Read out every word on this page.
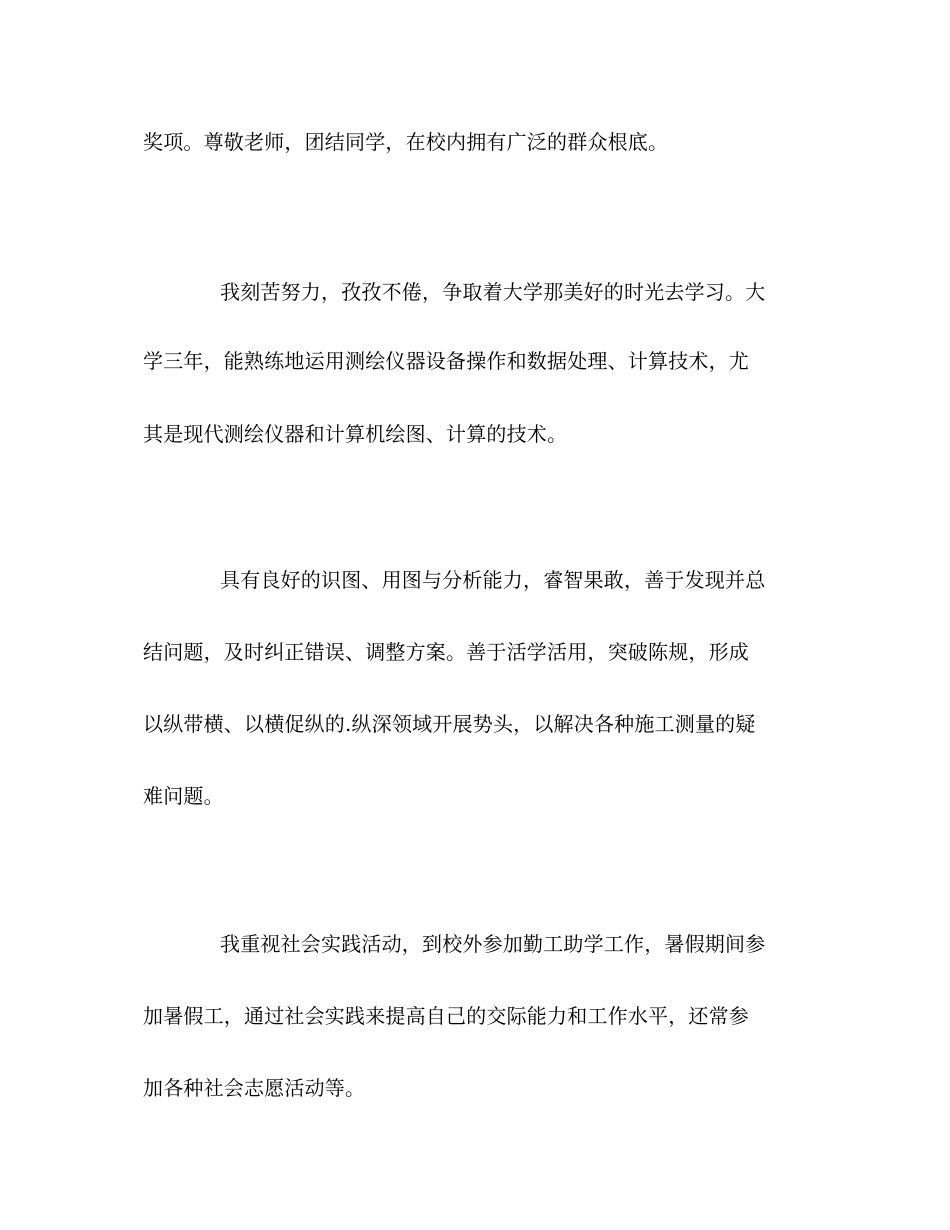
奖项。尊敬老师，团结同学，在校内拥有广泛的群众根底。
我刻苦努力，孜孜不倦，争取着大学那美好的时光去学习。大
学三年，能熟练地运用测绘仪器设备操作和数据处理、计算技术，尤
其是现代测绘仪器和计算机绘图、计算的技术。
具有良好的识图、用图与分析能力，睿智果敢，善于发现并总
结问题，及时纠正错误、调整方案。善于活学活用，突破陈规，形成
以纵带横、以横促纵的.纵深领域开展势头，以解决各种施工测量的疑
难问题。
我重视社会实践活动，到校外参加勤工助学工作，暑假期间参
加暑假工，通过社会实践来提高自己的交际能力和工作水平，还常参
加各种社会志愿活动等。
